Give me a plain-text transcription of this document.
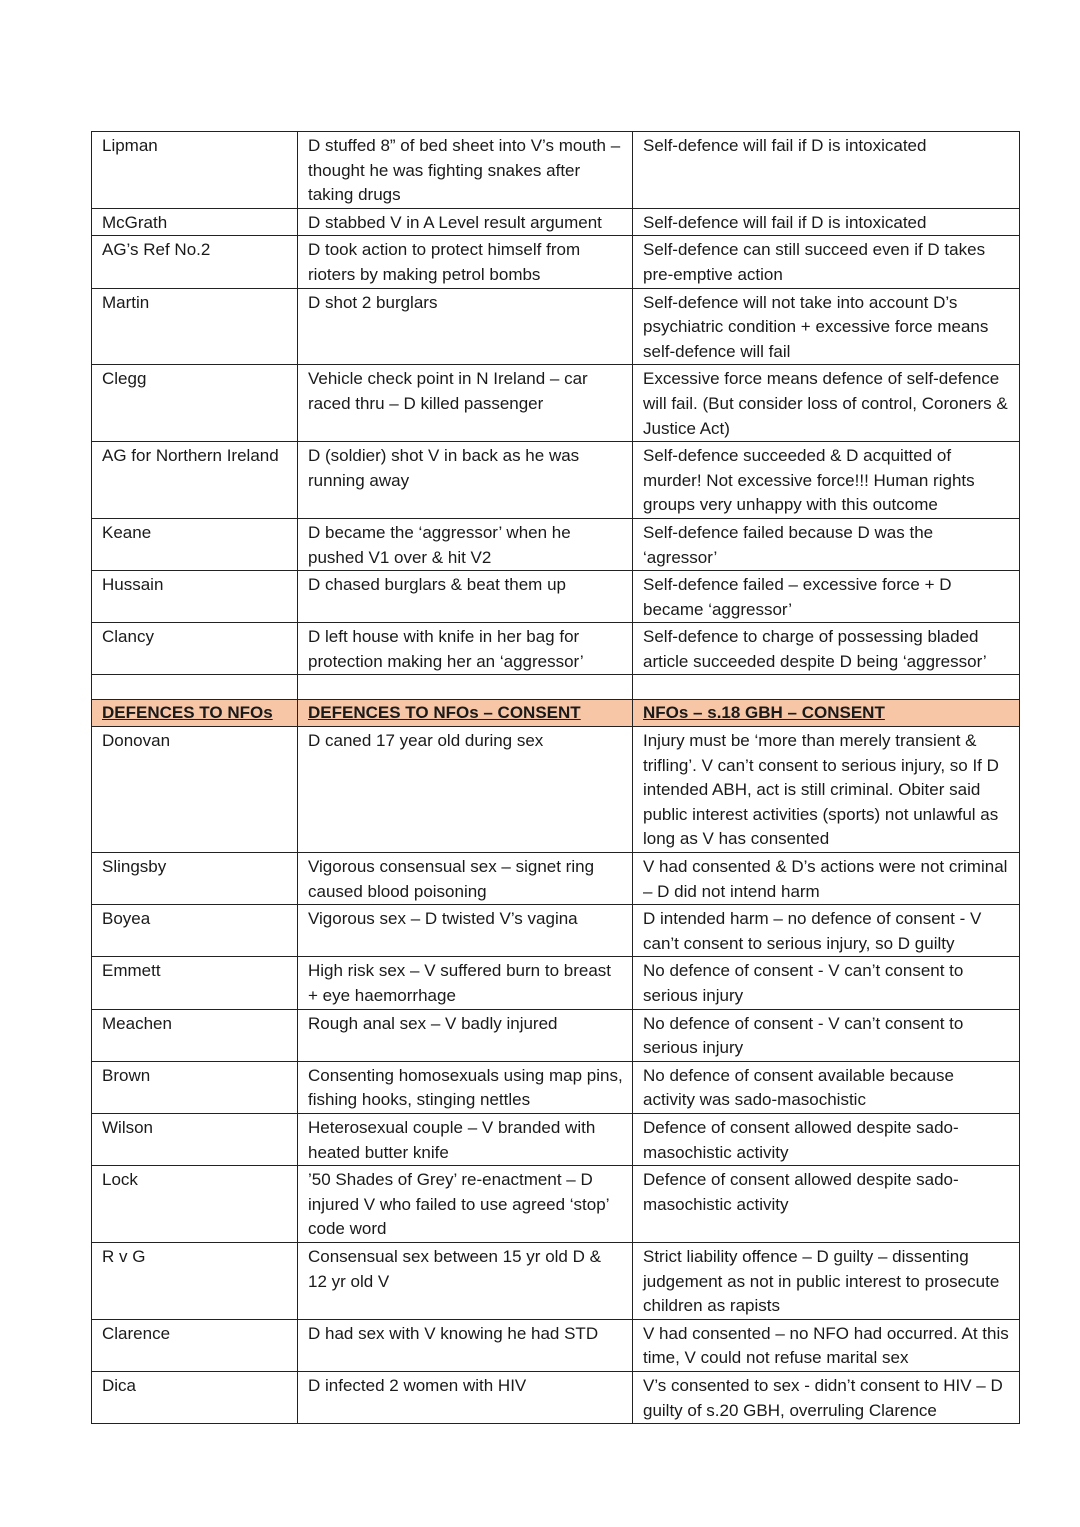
Lipman	D stuffed 8” of bed sheet into V’s mouth – thought he was fighting snakes after taking drugs	Self-defence will fail if D is intoxicated
McGrath	D stabbed V in A Level result argument	Self-defence will fail if D is intoxicated
AG’s Ref No.2	D took action to protect himself from rioters by making petrol bombs	Self-defence can still succeed even if D takes pre-emptive action
Martin	D shot 2 burglars	Self-defence will not take into account D’s psychiatric condition + excessive force means self-defence will fail
Clegg	Vehicle check point in N Ireland – car raced thru – D killed passenger	Excessive force means defence of self-defence will fail. (But consider loss of control, Coroners & Justice Act)
AG for Northern Ireland	D (soldier) shot V in back as he was running away	Self-defence succeeded & D acquitted of murder! Not excessive force!!! Human rights groups very unhappy with this outcome
Keane	D became the ‘aggressor’ when he pushed V1 over & hit V2	Self-defence failed because D was the ‘agressor’
Hussain	D chased burglars & beat them up	Self-defence failed – excessive force + D became ‘aggressor’
Clancy	D left house with knife in her bag for protection making her an ‘aggressor’	Self-defence to charge of possessing bladed article succeeded despite D being ‘aggressor’

DEFENCES TO NFOs	DEFENCES TO NFOs – CONSENT	NFOs – s.18 GBH – CONSENT
Donovan	D caned 17 year old during sex	Injury must be ‘more than merely transient & trifling’. V can’t consent to serious injury, so If D intended ABH, act is still criminal. Obiter said public interest activities (sports) not unlawful as long as V has consented
Slingsby	Vigorous consensual sex – signet ring caused blood poisoning	V had consented & D’s actions were not criminal – D did not intend harm
Boyea	Vigorous sex – D twisted V’s vagina	D intended harm – no defence of consent - V can’t consent to serious injury, so D guilty
Emmett	High risk sex – V suffered burn to breast + eye haemorrhage	No defence of consent - V can’t consent to serious injury
Meachen	Rough anal sex – V badly injured	No defence of consent - V can’t consent to serious injury
Brown	Consenting homosexuals using map pins, fishing hooks, stinging nettles	No defence of consent available because activity was sado-masochistic
Wilson	Heterosexual couple – V branded with heated butter knife	Defence of consent allowed despite sado-masochistic activity
Lock	’50 Shades of Grey’ re-enactment – D injured V who failed to use agreed ‘stop’ code word	Defence of consent allowed despite sado-masochistic activity
R v G	Consensual sex between 15 yr old D & 12 yr old V	Strict liability offence – D guilty – dissenting judgement as not in public interest to prosecute children as rapists
Clarence	D had sex with V knowing he had STD	V had consented – no NFO had occurred. At this time, V could not refuse marital sex
Dica	D infected 2 women with HIV	V’s consented to sex - didn’t consent to HIV – D guilty of s.20 GBH, overruling Clarence
